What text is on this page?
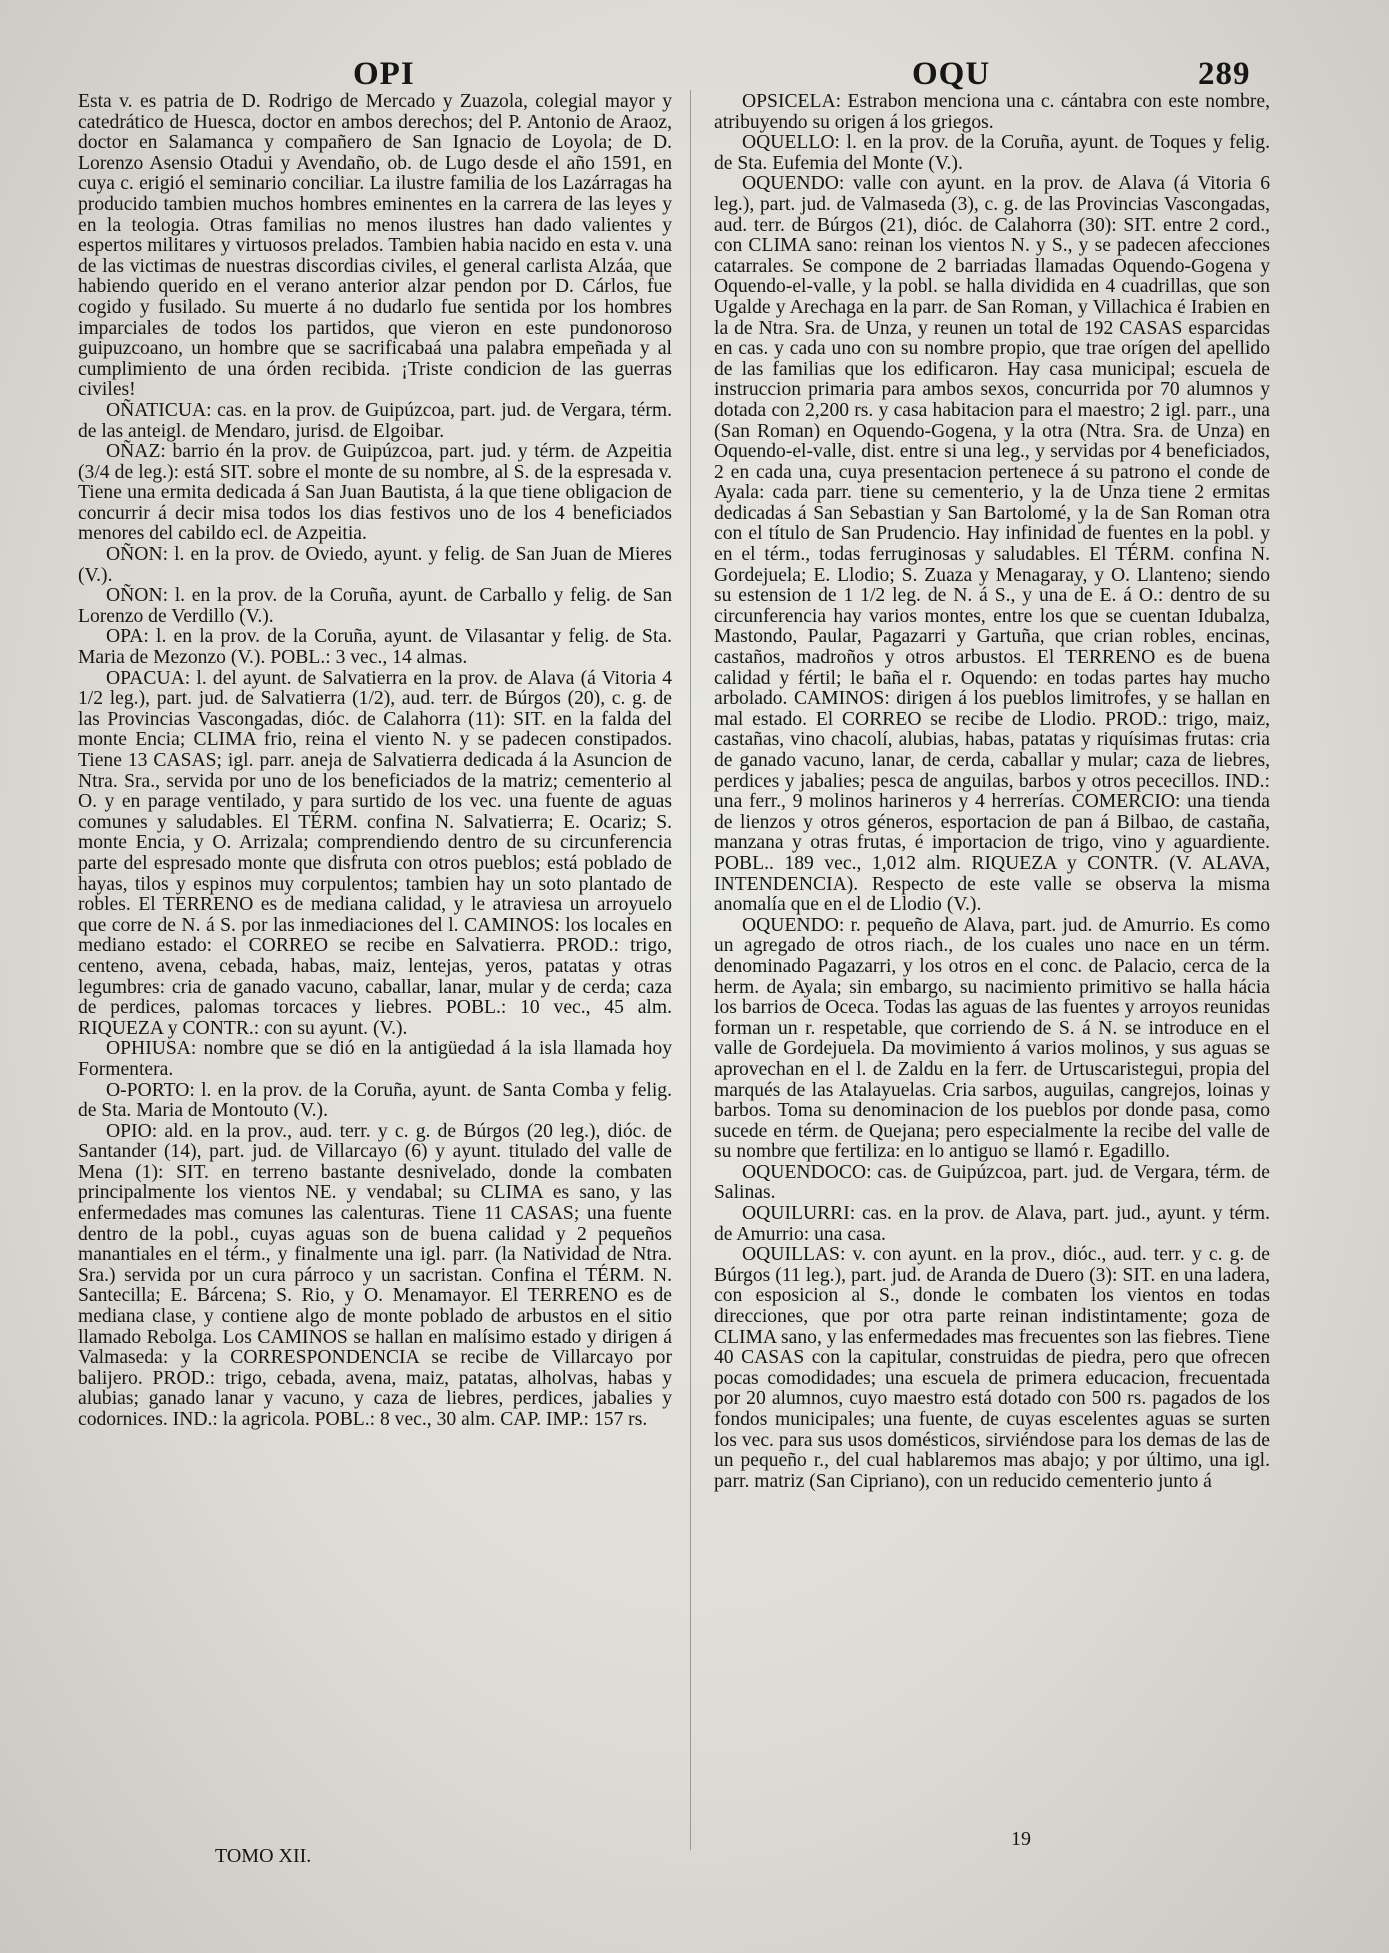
OPI	OQU	289

Esta v. es patria de D. Rodrigo de Mercado y Zuazola, colegial mayor y catedrático de Huesca, doctor en ambos derechos; del P. Antonio de Araoz, doctor en Salamanca y compañero de San Ignacio de Loyola; de D. Lorenzo Asensio Otadui y Avendaño, ob. de Lugo desde el año 1591, en cuya c. erigió el seminario conciliar. La ilustre familia de los Lazárragas ha producido tambien muchos hombres eminentes en la carrera de las leyes y en la teologia. Otras familias no menos ilustres han dado valientes y espertos militares y virtuosos prelados. Tambien habia nacido en esta v. una de las victimas de nuestras discordias civiles, el general carlista Alzáa, que habiendo querido en el verano anterior alzar pendon por D. Cárlos, fue cogido y fusilado. Su muerte á no dudarlo fue sentida por los hombres imparciales de todos los partidos, que vieron en este pundonoroso guipuzcoano, un hombre que se sacrificabaá una palabra empeñada y al cumplimiento de una órden recibida. ¡Triste condicion de las guerras civiles!

OÑATICUA: cas. en la prov. de Guipúzcoa, part. jud. de Vergara, térm. de las anteigl. de Mendaro, jurisd. de Elgoibar.

OÑAZ: barrio én la prov. de Guipúzcoa, part. jud. y térm. de Azpeitia (3/4 de leg.): está SIT. sobre el monte de su nombre, al S. de la espresada v. Tiene una ermita dedicada á San Juan Bautista, á la que tiene obligacion de concurrir á decir misa todos los dias festivos uno de los 4 beneficiados menores del cabildo ecl. de Azpeitia.

OÑON: l. en la prov. de Oviedo, ayunt. y felig. de San Juan de Mieres (V.).

OÑON: l. en la prov. de la Coruña, ayunt. de Carballo y felig. de San Lorenzo de Verdillo (V.).

OPA: l. en la prov. de la Coruña, ayunt. de Vilasantar y felig. de Sta. Maria de Mezonzo (V.). POBL.: 3 vec., 14 almas.

OPACUA: l. del ayunt. de Salvatierra en la prov. de Alava (á Vitoria 4 1/2 leg.), part. jud. de Salvatierra (1/2), aud. terr. de Búrgos (20), c. g. de las Provincias Vascongadas, dióc. de Calahorra (11): SIT. en la falda del monte Encia; CLIMA frio, reina el viento N. y se padecen constipados. Tiene 13 CASAS; igl. parr. aneja de Salvatierra dedicada á la Asuncion de Ntra. Sra., servida por uno de los beneficiados de la matriz; cementerio al O. y en parage ventilado, y para surtido de los vec. una fuente de aguas comunes y saludables. El TÉRM. confina N. Salvatierra; E. Ocariz; S. monte Encia, y O. Arrizala; comprendiendo dentro de su circunferencia parte del espresado monte que disfruta con otros pueblos; está poblado de hayas, tilos y espinos muy corpulentos; tambien hay un soto plantado de robles. El TERRENO es de mediana calidad, y le atraviesa un arroyuelo que corre de N. á S. por las inmediaciones del l. CAMINOS: los locales en mediano estado: el CORREO se recibe en Salvatierra. PROD.: trigo, centeno, avena, cebada, habas, maiz, lentejas, yeros, patatas y otras legumbres: cria de ganado vacuno, caballar, lanar, mular y de cerda; caza de perdices, palomas torcaces y liebres. POBL.: 10 vec., 45 alm. RIQUEZA y CONTR.: con su ayunt. (V.).

OPHIUSA: nombre que se dió en la antigüedad á la isla llamada hoy Formentera.

O-PORTO: l. en la prov. de la Coruña, ayunt. de Santa Comba y felig. de Sta. Maria de Montouto (V.).

OPIO: ald. en la prov., aud. terr. y c. g. de Búrgos (20 leg.), dióc. de Santander (14), part. jud. de Villarcayo (6) y ayunt. titulado del valle de Mena (1): SIT. en terreno bastante desnivelado, donde la combaten principalmente los vientos NE. y vendabal; su CLIMA es sano, y las enfermedades mas comunes las calenturas. Tiene 11 CASAS; una fuente dentro de la pobl., cuyas aguas son de buena calidad y 2 pequeños manantiales en el térm., y finalmente una igl. parr. (la Natividad de Ntra. Sra.) servida por un cura párroco y un sacristan. Confina el TÉRM. N. Santecilla; E. Bárcena; S. Rio, y O. Menamayor. El TERRENO es de mediana clase, y contiene algo de monte poblado de arbustos en el sitio llamado Rebolga. Los CAMINOS se hallan en malísimo estado y dirigen á Valmaseda: y la CORRESPONDENCIA se recibe de Villarcayo por balijero. PROD.: trigo, cebada, avena, maiz, patatas, alholvas, habas y alubias; ganado lanar y vacuno, y caza de liebres, perdices, jabalies y codornices. IND.: la agricola. POBL.: 8 vec., 30 alm. CAP. IMP.: 157 rs.

OPSICELA: Estrabon menciona una c. cántabra con este nombre, atribuyendo su origen á los griegos.

OQUELLO: l. en la prov. de la Coruña, ayunt. de Toques y felig. de Sta. Eufemia del Monte (V.).

OQUENDO: valle con ayunt. en la prov. de Alava (á Vitoria 6 leg.), part. jud. de Valmaseda (3), c. g. de las Provincias Vascongadas, aud. terr. de Búrgos (21), dióc. de Calahorra (30): SIT. entre 2 cord., con CLIMA sano: reinan los vientos N. y S., y se padecen afecciones catarrales. Se compone de 2 barriadas llamadas Oquendo-Gogena y Oquendo-el-valle, y la pobl. se halla dividida en 4 cuadrillas, que son Ugalde y Arechaga en la parr. de San Roman, y Villachica é Irabien en la de Ntra. Sra. de Unza, y reunen un total de 192 CASAS esparcidas en cas. y cada uno con su nombre propio, que trae orígen del apellido de las familias que los edificaron. Hay casa municipal; escuela de instruccion primaria para ambos sexos, concurrida por 70 alumnos y dotada con 2,200 rs. y casa habitacion para el maestro; 2 igl. parr., una (San Roman) en Oquendo-Gogena, y la otra (Ntra. Sra. de Unza) en Oquendo-el-valle, dist. entre si una leg., y servidas por 4 beneficiados, 2 en cada una, cuya presentacion pertenece á su patrono el conde de Ayala: cada parr. tiene su cementerio, y la de Unza tiene 2 ermitas dedicadas á San Sebastian y San Bartolomé, y la de San Roman otra con el título de San Prudencio. Hay infinidad de fuentes en la pobl. y en el térm., todas ferruginosas y saludables. El TÉRM. confina N. Gordejuela; E. Llodio; S. Zuaza y Menagaray, y O. Llanteno; siendo su estension de 1 1/2 leg. de N. á S., y una de E. á O.: dentro de su circunferencia hay varios montes, entre los que se cuentan Idubalza, Mastondo, Paular, Pagazarri y Gartuña, que crian robles, encinas, castaños, madroños y otros arbustos. El TERRENO es de buena calidad y fértil; le baña el r. Oquendo: en todas partes hay mucho arbolado. CAMINOS: dirigen á los pueblos limitrofes, y se hallan en mal estado. El CORREO se recibe de Llodio. PROD.: trigo, maiz, castañas, vino chacolí, alubias, habas, patatas y riquísimas frutas: cria de ganado vacuno, lanar, de cerda, caballar y mular; caza de liebres, perdices y jabalies; pesca de anguilas, barbos y otros pececillos. IND.: una ferr., 9 molinos harineros y 4 herrerías. COMERCIO: una tienda de lienzos y otros géneros, esportacion de pan á Bilbao, de castaña, manzana y otras frutas, é importacion de trigo, vino y aguardiente. POBL.. 189 vec., 1,012 alm. RIQUEZA y CONTR. (V. ALAVA, INTENDENCIA). Respecto de este valle se observa la misma anomalía que en el de Llodio (V.).

OQUENDO: r. pequeño de Alava, part. jud. de Amurrio. Es como un agregado de otros riach., de los cuales uno nace en un térm. denominado Pagazarri, y los otros en el conc. de Palacio, cerca de la herm. de Ayala; sin embargo, su nacimiento primitivo se halla hácia los barrios de Oceca. Todas las aguas de las fuentes y arroyos reunidas forman un r. respetable, que corriendo de S. á N. se introduce en el valle de Gordejuela. Da movimiento á varios molinos, y sus aguas se aprovechan en el l. de Zaldu en la ferr. de Urtuscaristegui, propia del marqués de las Atalayuelas. Cria sarbos, auguilas, cangrejos, loinas y barbos. Toma su denominacion de los pueblos por donde pasa, como sucede en térm. de Quejana; pero especialmente la recibe del valle de su nombre que fertiliza: en lo antiguo se llamó r. Egadillo.

OQUENDOCO: cas. de Guipúzcoa, part. jud. de Vergara, térm. de Salinas.

OQUILURRI: cas. en la prov. de Alava, part. jud., ayunt. y térm. de Amurrio: una casa.

OQUILLAS: v. con ayunt. en la prov., dióc., aud. terr. y c. g. de Búrgos (11 leg.), part. jud. de Aranda de Duero (3): SIT. en una ladera, con esposicion al S., donde le combaten los vientos en todas direcciones, que por otra parte reinan indistintamente; goza de CLIMA sano, y las enfermedades mas frecuentes son las fiebres. Tiene 40 CASAS con la capitular, construidas de piedra, pero que ofrecen pocas comodidades; una escuela de primera educacion, frecuentada por 20 alumnos, cuyo maestro está dotado con 500 rs. pagados de los fondos municipales; una fuente, de cuyas escelentes aguas se surten los vec. para sus usos domésticos, sirviéndose para los demas de las de un pequeño r., del cual hablaremos mas abajo; y por último, una igl. parr. matriz (San Cipriano), con un reducido cementerio junto á

TOMO XII.
19
